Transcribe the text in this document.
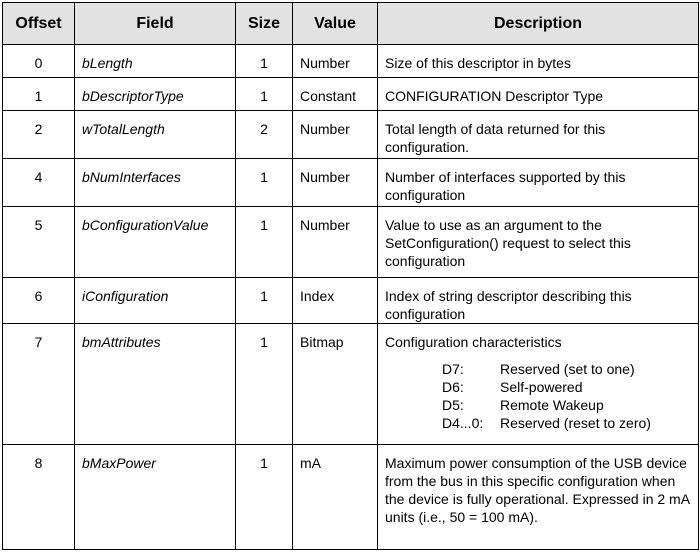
Offset	Field	Size	Value	Description
0	bLength	1	Number	Size of this descriptor in bytes
1	bDescriptorType	1	Constant	CONFIGURATION Descriptor Type
2	wTotalLength	2	Number	Total length of data returned for this configuration.
4	bNumInterfaces	1	Number	Number of interfaces supported by this configuration
5	bConfigurationValue	1	Number	Value to use as an argument to the SetConfiguration() request to select this configuration
6	iConfiguration	1	Index	Index of string descriptor describing this configuration
7	bmAttributes	1	Bitmap	Configuration characteristics
D7:	Reserved (set to one)
D6:	Self-powered
D5:	Remote Wakeup
D4...0:	Reserved (reset to zero)

8	bMaxPower	1	mA	Maximum power consumption of the USB device from the bus in this specific configuration when the device is fully operational. Expressed in 2 mA units (i.e., 50 = 100 mA).
